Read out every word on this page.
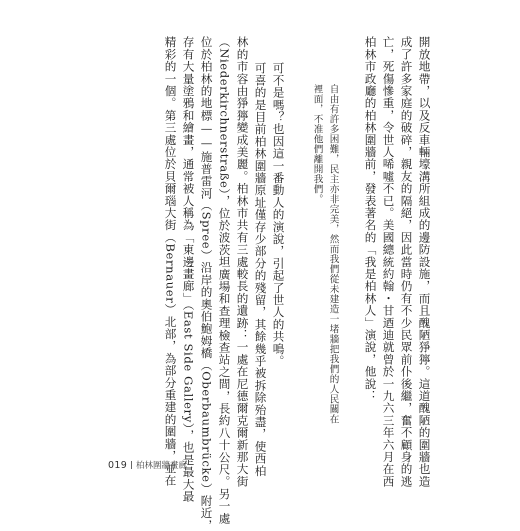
開放地帶，以及反車輛壕溝所組成的邊防設施，而且醜陋猙獰。這道醜陋的圍牆也造
成了許多家庭的破碎，親友的隔絕，因此當時仍有不少民眾前仆後繼，奮不顧身的逃
亡，死傷慘重，令世人唏噓不已。美國總統約翰・甘迺迪就曾於一九六三年六月在西
柏林市政廳的柏林圍牆前，發表著名的「我是柏林人」演說，他說：
自由有許多困難，民主亦非完美，然而我們從未建造一堵牆把我們的人民關在
裡面，不准他們離開我們。
可不是嗎？也因這一番動人的演說，引起了世人的共鳴。
可喜的是目前柏林圍牆原址僅存少部分的殘留，其餘幾乎被拆除殆盡，使西柏
林的市容由猙獰變成美麗。柏林市共有三處較長的遺跡：一處在尼德爾克爾新那大街
（Niederkirchnerstraße），位於波茨坦廣場和查理檢查站之間，長約八十公尺。另一處
位於柏林的地標——施普雷河（Spree）沿岸的奧伯鮑姆橋（Oberbaumbrücke）附近，
存有大量塗鴉和繪畫，通常被人稱為「東邊畫廊」（East Side Gallery），也是最大最
精彩的一個。第三處位於貝爾瑙大街（Bernauer）北部，為部分重建的圍牆，並在
019 柏林圍牆畫廊
